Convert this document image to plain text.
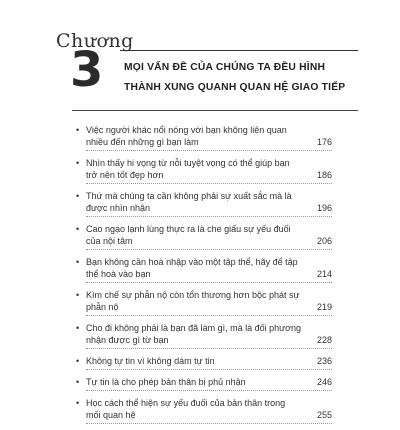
Chương
3 MỌI VẤN ĐỀ CỦA CHÚNG TA ĐỀU HÌNH
THÀNH XUNG QUANH QUAN HỆ GIAO TIẾP
• Việc người khác nổi nóng với bạn không liên quan nhiều đến những gì bạn làm	176
• Nhìn thấy hi vọng từ nỗi tuyệt vọng có thể giúp bạn trở nên tốt đẹp hơn	186
• Thứ mà chúng ta cần không phải sự xuất sắc mà là được nhìn nhận	196
• Cao ngạo lạnh lùng thực ra là che giấu sự yếu đuối của nội tâm	206
• Bạn không cần hoà nhập vào một tập thể, hãy để tập thể hoà vào bạn	214
• Kìm chế sự phẫn nộ còn tổn thương hơn bộc phát sự phẫn nộ	219
• Cho đi không phải là bạn đã làm gì, mà là đối phương nhận được gì từ bạn	228
• Không tự tin vì không dám tự tin	236
• Tự tin là cho phép bản thân bị phủ nhận	246
• Học cách thể hiện sự yếu đuối của bản thân trong mối quan hệ	255
